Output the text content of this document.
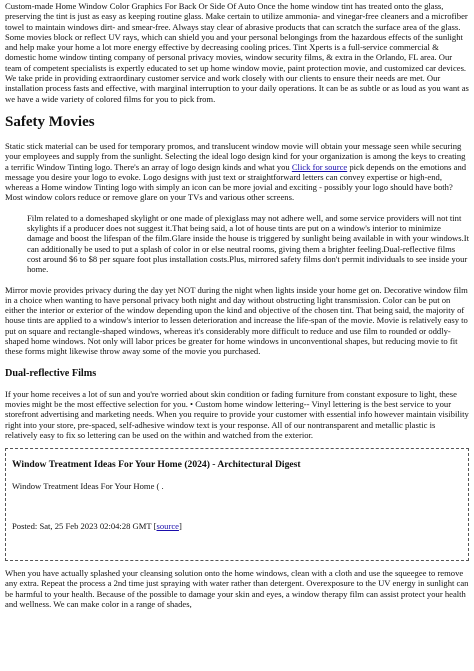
Custom-made Home Window Color Graphics For Back Or Side Of Auto Once the home window tint has treated onto the glass, preserving the tint is just as easy as keeping routine glass. Make certain to utilize ammonia- and vinegar-free cleaners and a microfiber towel to maintain windows dirt- and smear-free. Always stay clear of abrasive products that can scratch the surface area of the glass. Some movies block or reflect UV rays, which can shield you and your personal belongings from the hazardous effects of the sunlight and help make your home a lot more energy effective by decreasing cooling prices. Tint Xperts is a full-service commercial & domestic home window tinting company of personal privacy movies, window security films, & extra in the Orlando, FL area. Our team of competent specialists is expertly educated to set up home window movie, paint protection movie, and customized car devices. We take pride in providing extraordinary customer service and work closely with our clients to ensure their needs are met. Our installation process fasts and effective, with marginal interruption to your daily operations. It can be as subtle or as loud as you want as we have a wide variety of colored films for you to pick from.

Safety Movies

Static stick material can be used for temporary promos, and translucent window movie will obtain your message seen while securing your employees and supply from the sunlight. Selecting the ideal logo design kind for your organization is among the keys to creating a terrific Window Tinting logo. There's an array of logo design kinds and what you Click for source pick depends on the emotions and message you desire your logo to evoke. Logo designs with just text or straightforward letters can convey expertise or high-end, whereas a Home window Tinting logo with simply an icon can be more jovial and exciting - possibly your logo should have both? Most window colors reduce or remove glare on your TVs and various other screens.

Film related to a domeshaped skylight or one made of plexiglass may not adhere well, and some service providers will not tint skylights if a producer does not suggest it.That being said, a lot of house tints are put on a window's interior to minimize damage and boost the lifespan of the film.Glare inside the house is triggered by sunlight being available in with your windows.It can additionally be used to put a splash of color in or else neutral rooms, giving them a brighter feeling.Dual-reflective films cost around $6 to $8 per square foot plus installation costs.Plus, mirrored safety films don't permit individuals to see inside your home.

Mirror movie provides privacy during the day yet NOT during the night when lights inside your home get on. Decorative window film in a choice when wanting to have personal privacy both night and day without obstructing light transmission. Color can be put on either the interior or exterior of the window depending upon the kind and objective of the chosen tint. That being said, the majority of house tints are applied to a window's interior to lessen deterioration and increase the life-span of the movie. Movie is relatively easy to put on square and rectangle-shaped windows, whereas it's considerably more difficult to reduce and use film to rounded or oddly-shaped home windows. Not only will labor prices be greater for home windows in unconventional shapes, but reducing movie to fit these forms might likewise throw away some of the movie you purchased.

Dual-reflective Films

If your home receives a lot of sun and you're worried about skin condition or fading furniture from constant exposure to light, these movies might be the most effective selection for you. • Custom home window lettering-- Vinyl lettering is the best service to your storefront advertising and marketing needs. When you require to provide your customer with essential info however maintain visibility right into your store, pre-spaced, self-adhesive window text is your response. All of our nontransparent and metallic plastic is relatively easy to fix so lettering can be used on the within and watched from the exterior.

Window Treatment Ideas For Your Home (2024) - Architectural Digest

Window Treatment Ideas For Your Home ( .

Posted: Sat, 25 Feb 2023 02:04:28 GMT [source]

When you have actually splashed your cleansing solution onto the home windows, clean with a cloth and use the squeegee to remove any extra. Repeat the process a 2nd time just spraying with water rather than detergent. Overexposure to the UV energy in sunlight can be harmful to your health. Because of the possible to damage your skin and eyes, a window therapy film can assist protect your health and wellness. We can make color in a range of shades,
